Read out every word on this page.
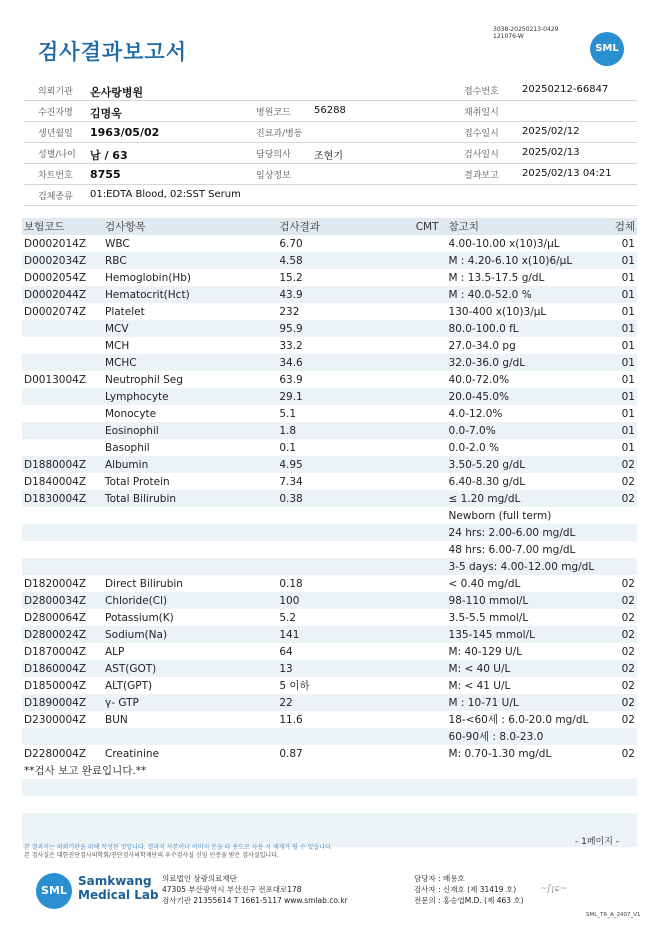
검사결과보고서
3038-20250213-0429
121076-W
SML
의뢰기관 온사랑병원	접수번호 20250212-66847
수진자명 김명욱	병원코드 56288	채취일시
생년월일 1963/05/02	진료과/병동	접수일시 2025/02/12
성별/나이 남 / 63	담당의사 조현기	검사일시 2025/02/13
차트번호 8755	임상정보	결과보고 2025/02/13 04:21
검체종류 01:EDTA Blood, 02:SST Serum
보험코드	검사항목	검사결과	CMT	참고치	검체
D0002014Z	WBC	6.70		4.00-10.00 x(10)3/μL	01
D0002034Z	RBC	4.58		M : 4.20-6.10 x(10)6/μL	01
D0002054Z	Hemoglobin(Hb)	15.2		M : 13.5-17.5 g/dL	01
D0002044Z	Hematocrit(Hct)	43.9		M : 40.0-52.0 %	01
D0002074Z	Platelet	232		130-400 x(10)3/μL	01
	MCV	95.9		80.0-100.0 fL	01
	MCH	33.2		27.0-34.0 pg	01
	MCHC	34.6		32.0-36.0 g/dL	01
D0013004Z	Neutrophil Seg	63.9		40.0-72.0%	01
	Lymphocyte	29.1		20.0-45.0%	01
	Monocyte	5.1		4.0-12.0%	01
	Eosinophil	1.8		0.0-7.0%	01
	Basophil	0.1		0.0-2.0 %	01
D1880004Z	Albumin	4.95		3.50-5.20 g/dL	02
D1840004Z	Total Protein	7.34		6.40-8.30 g/dL	02
D1830004Z	Total Bilirubin	0.38		≤ 1.20 mg/dL	02
				Newborn (full term)	
				24 hrs: 2.00-6.00 mg/dL	
				48 hrs: 6.00-7.00 mg/dL	
				3-5 days: 4.00-12.00 mg/dL	
D1820004Z	Direct Bilirubin	0.18		< 0.40 mg/dL	02
D2800034Z	Chloride(Cl)	100		98-110 mmol/L	02
D2800064Z	Potassium(K)	5.2		3.5-5.5 mmol/L	02
D2800024Z	Sodium(Na)	141		135-145 mmol/L	02
D1870004Z	ALP	64		M: 40-129 U/L	02
D1860004Z	AST(GOT)	13		M: < 40 U/L	02
D1850004Z	ALT(GPT)	5 이하		M: < 41 U/L	02
D1890004Z	γ- GTP	22		M : 10-71 U/L	02
D2300004Z	BUN	11.6		18-<60세 : 6.0-20.0 mg/dL	02
				60-90세 : 8.0-23.0	
D2280004Z	Creatinine	0.87		M: 0.70-1.30 mg/dL	02
**검사 보고 완료입니다.**
본 결과지는 의뢰기관을 위해 작성된 것입니다. 결과지 사본이나 이미지 등을 타 용도로 사용 시 제재가 될 수 있습니다.
본 검사실은 대한진단검사의학회/진단검사의학재단의 우수검사실 신임 인증을 받은 검사실입니다.
- 1페이지 -
SML
Samkwang
Medical Lab
의료법인 삼광의료재단
47305 부산광역시 부산진구 전포대로178
검사기관 21355614 T 1661-5117 www.smlab.co.kr
담당자 : 배용호
검사자 : 신재호 (제 31419 호)
전문의 : 홍승엽M.D. (제 463 호)
~ʃʅɕ~
SML_TR_A_2407_V1
